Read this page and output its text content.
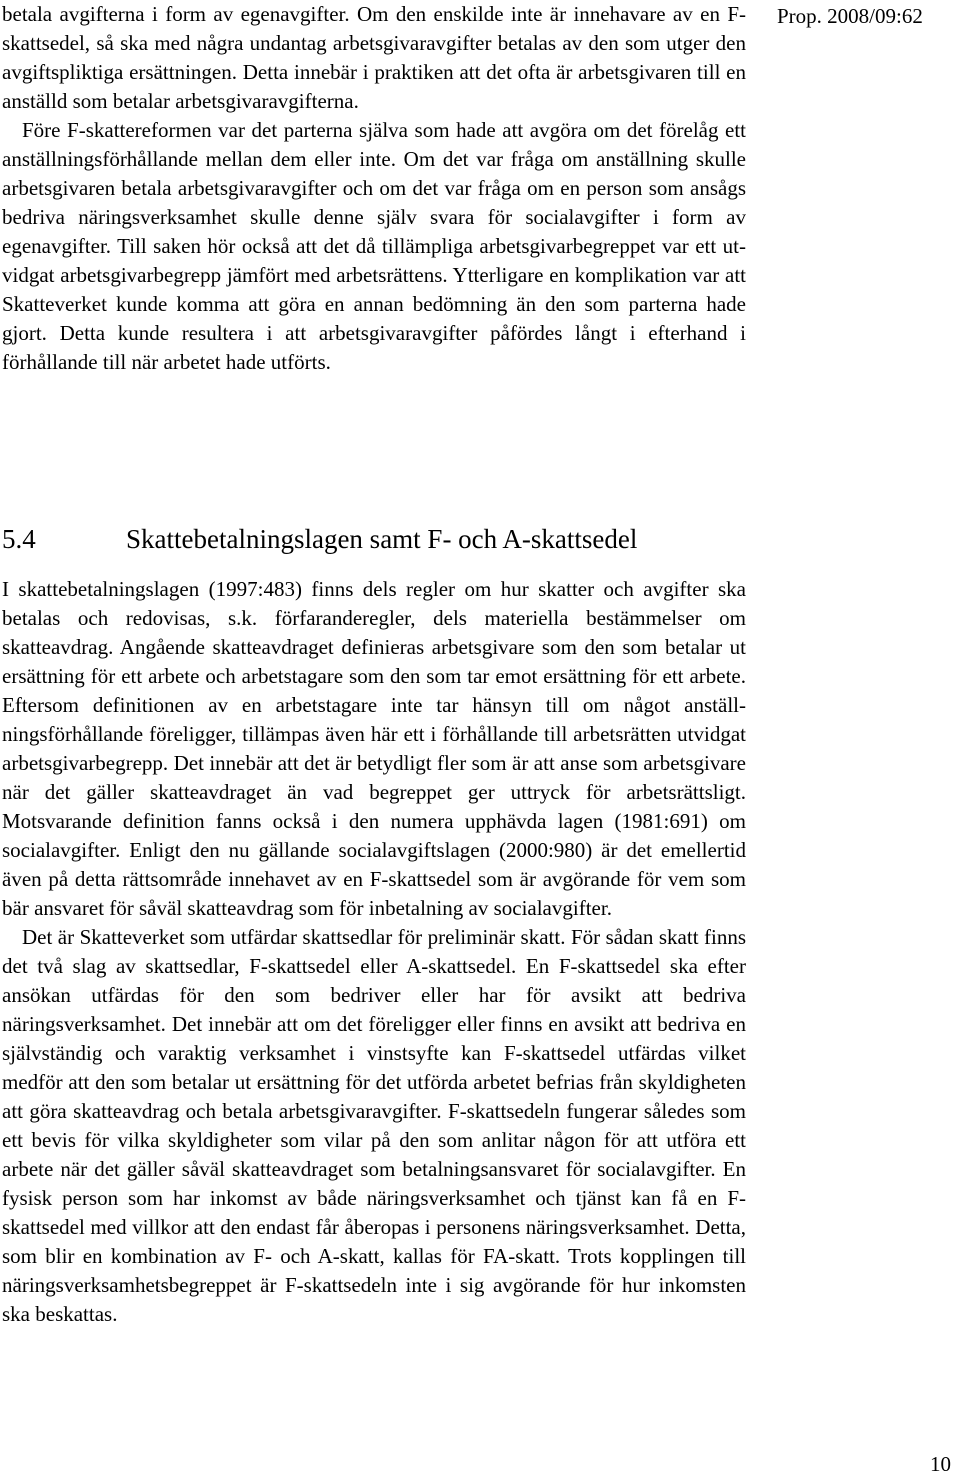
Prop. 2008/09:62

betala avgifterna i form av egenavgifter. Om den enskilde inte är innehavare av en F-skattsedel, så ska med några undantag arbetsgivaravgifter betalas av den som utger den avgiftspliktiga ersättningen. Detta innebär i praktiken att det ofta är arbetsgivaren till en anställd som betalar arbetsgivaravgifterna.

Före F-skattereformen var det parterna själva som hade att avgöra om det förelåg ett anställningsförhållande mellan dem eller inte. Om det var fråga om anställning skulle arbetsgivaren betala arbetsgivaravgifter och om det var fråga om en person som ansågs bedriva näringsverksamhet skulle denne själv svara för socialavgifter i form av egenavgifter. Till saken hör också att det då tillämpliga arbetsgivarbegreppet var ett utvidgat arbetsgivarbegrepp jämfört med arbetsrättens. Ytterligare en komplikation var att Skatteverket kunde komma att göra en annan bedömning än den som parterna hade gjort. Detta kunde resultera i att arbetsgivaravgifter påfördes långt i efterhand i förhållande till när arbetet hade utförts.

5.4	Skattebetalningslagen samt F- och A-skattsedel

I skattebetalningslagen (1997:483) finns dels regler om hur skatter och avgifter ska betalas och redovisas, s.k. förfaranderegler, dels materiella bestämmelser om skatteavdrag. Angående skatteavdraget definieras arbetsgivare som den som betalar ut ersättning för ett arbete och arbetstagare som den som tar emot ersättning för ett arbete. Eftersom definitionen av en arbetstagare inte tar hänsyn till om något anställningsförhållande föreligger, tillämpas även här ett i förhållande till arbetsrätten utvidgat arbetsgivarbegrepp. Det innebär att det är betydligt fler som är att anse som arbetsgivare när det gäller skatteavdraget än vad begreppet ger uttryck för arbetsrättsligt. Motsvarande definition fanns också i den numera upphävda lagen (1981:691) om socialavgifter. Enligt den nu gällande socialavgiftslagen (2000:980) är det emellertid även på detta rättsområde innehavet av en F-skattsedel som är avgörande för vem som bär ansvaret för såväl skatteavdrag som för inbetalning av socialavgifter.

Det är Skatteverket som utfärdar skattsedlar för preliminär skatt. För sådan skatt finns det två slag av skattsedlar, F-skattsedel eller A-skattsedel. En F-skattsedel ska efter ansökan utfärdas för den som bedriver eller har för avsikt att bedriva näringsverksamhet. Det innebär att om det föreligger eller finns en avsikt att bedriva en självständig och varaktig verksamhet i vinstsyfte kan F-skattsedel utfärdas vilket medför att den som betalar ut ersättning för det utförda arbetet befrias från skyldigheten att göra skatteavdrag och betala arbetsgivaravgifter. F-skattsedeln fungerar således som ett bevis för vilka skyldigheter som vilar på den som anlitar någon för att utföra ett arbete när det gäller såväl skatteavdraget som betalningsansvaret för socialavgifter. En fysisk person som har inkomst av både näringsverksamhet och tjänst kan få en F-skattsedel med villkor att den endast får åberopas i personens näringsverksamhet. Detta, som blir en kombination av F- och A-skatt, kallas för FA-skatt. Trots kopplingen till näringsverksamhetsbegreppet är F-skattsedeln inte i sig avgörande för hur inkomsten ska beskattas.

10
